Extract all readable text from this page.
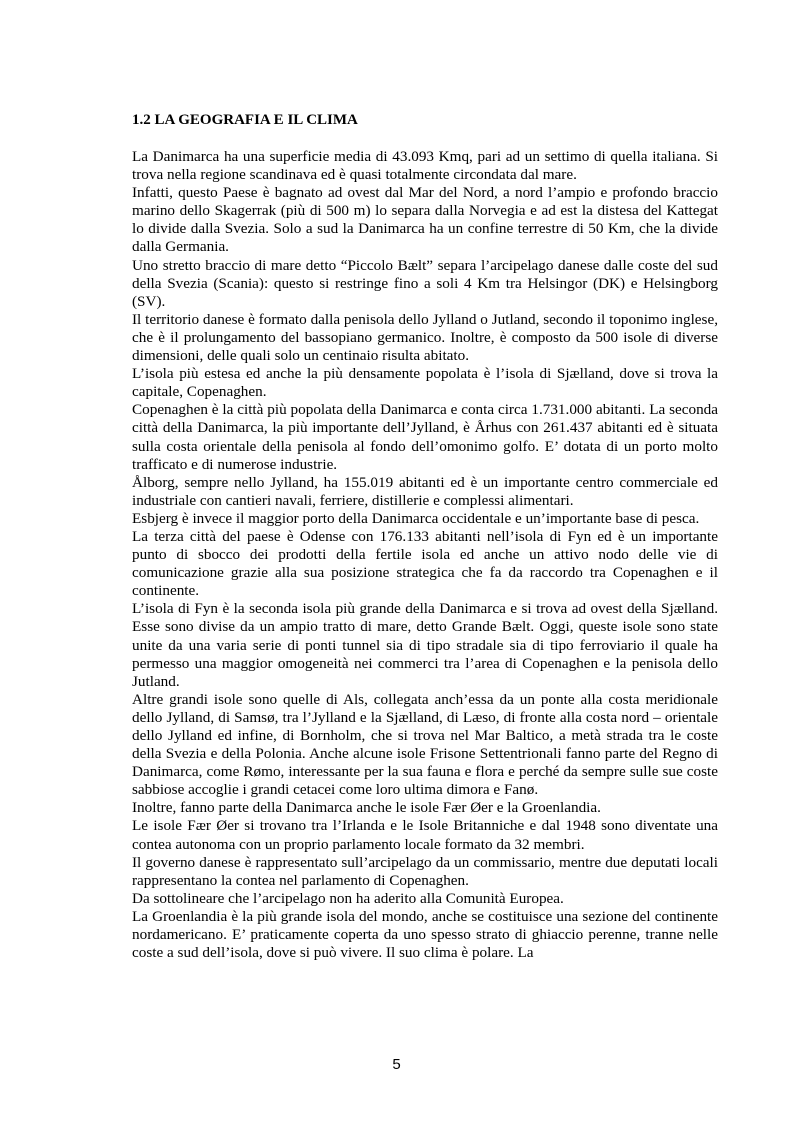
1.2 LA GEOGRAFIA E IL CLIMA

La Danimarca ha una superficie media di 43.093 Kmq, pari ad un settimo di quella italiana. Si trova nella regione scandinava ed è quasi totalmente circondata dal mare.

Infatti, questo Paese è bagnato ad ovest dal Mar del Nord, a nord l’ampio e profondo braccio marino dello Skagerrak (più di 500 m) lo separa dalla Norvegia e ad est la distesa del Kattegat lo divide dalla Svezia. Solo a sud la Danimarca ha un confine terrestre di 50 Km, che la divide dalla Germania.

Uno stretto braccio di mare detto “Piccolo Bælt” separa l’arcipelago danese dalle coste del sud della Svezia (Scania): questo si restringe fino a soli 4 Km tra Helsingor (DK) e Helsingborg (SV).

Il territorio danese è formato dalla penisola dello Jylland o Jutland, secondo il toponimo inglese, che è il prolungamento del bassopiano germanico. Inoltre, è composto da 500 isole di diverse dimensioni, delle quali solo un centinaio risulta abitato.

L’isola più estesa ed anche la più densamente popolata è l’isola di Sjælland, dove si trova la capitale, Copenaghen.

Copenaghen è la città più popolata della Danimarca e conta circa 1.731.000 abitanti. La seconda città della Danimarca, la più importante dell’Jylland, è Århus con 261.437 abitanti ed è situata sulla costa orientale della penisola al fondo dell’omonimo golfo. E’ dotata di un porto molto trafficato e di numerose industrie.

Ålborg, sempre nello Jylland, ha 155.019 abitanti ed è un importante centro commerciale ed industriale con cantieri navali, ferriere, distillerie e complessi alimentari.

Esbjerg è invece il maggior porto della Danimarca occidentale e un’importante base di pesca.

La terza città del paese è Odense con 176.133 abitanti nell’isola di Fyn ed è un importante punto di sbocco dei prodotti della fertile isola ed anche un attivo nodo delle vie di comunicazione grazie alla sua posizione strategica che fa da raccordo tra Copenaghen e il continente.

L’isola di Fyn è la seconda isola più grande della Danimarca e si trova ad ovest della Sjælland. Esse sono divise da un ampio tratto di mare, detto Grande Bælt. Oggi, queste isole sono state unite da una varia serie di ponti tunnel sia di tipo stradale sia di tipo ferroviario il quale ha permesso una maggior omogeneità nei commerci tra l’area di Copenaghen e la penisola dello Jutland.

Altre grandi isole sono quelle di Als, collegata anch’essa da un ponte alla costa meridionale dello Jylland, di Samsø, tra l’Jylland e la Sjælland, di Læso, di fronte alla costa nord – orientale dello Jylland ed infine, di Bornholm, che si trova nel Mar Baltico, a metà strada tra le coste della Svezia e della Polonia. Anche alcune isole Frisone Settentrionali fanno parte del Regno di Danimarca, come Rømo, interessante per la sua fauna e flora e perché da sempre sulle sue coste sabbiose accoglie i grandi cetacei come loro ultima dimora e Fanø.

Inoltre, fanno parte della Danimarca anche le isole Fær Øer e la Groenlandia.

Le isole Fær Øer si trovano tra l’Irlanda e le Isole Britanniche e dal 1948 sono diventate una contea autonoma con un proprio parlamento locale formato da 32 membri.

Il governo danese è rappresentato sull’arcipelago da un commissario, mentre due deputati locali rappresentano la contea nel parlamento di Copenaghen.

Da sottolineare che l’arcipelago non ha aderito alla Comunità Europea.

La Groenlandia è la più grande isola del mondo, anche se costituisce una sezione del continente nordamericano. E’ praticamente coperta da uno spesso strato di ghiaccio perenne, tranne nelle coste a sud dell’isola, dove si può vivere. Il suo clima è polare. La

5
